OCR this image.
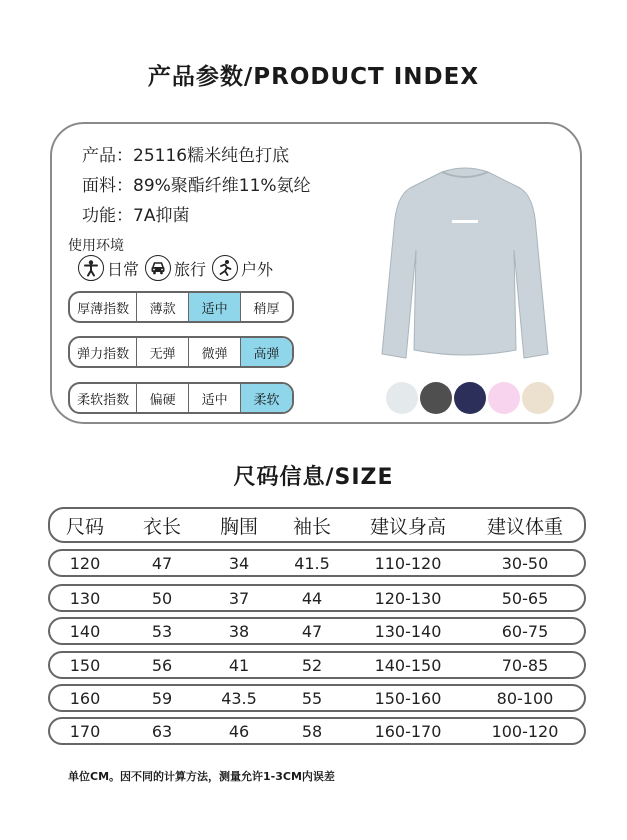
产品参数/PRODUCT INDEX
产品：25116糯米纯色打底
面料：89%聚酯纤维11%氨纶
功能：7A抑菌
使用环境
日常 旅行 户外
厚薄指数	薄款	适中	稍厚
弹力指数	无弹	微弹	高弹
柔软指数	偏硬	适中	柔软
尺码信息/SIZE
尺码	衣长	胸围	袖长	建议身高	建议体重
120	47	34	41.5	110-120	30-50
130	50	37	44	120-130	50-65
140	53	38	47	130-140	60-75
150	56	41	52	140-150	70-85
160	59	43.5	55	150-160	80-100
170	63	46	58	160-170	100-120
单位CM。因不同的计算方法，测量允许1-3CM内误差
